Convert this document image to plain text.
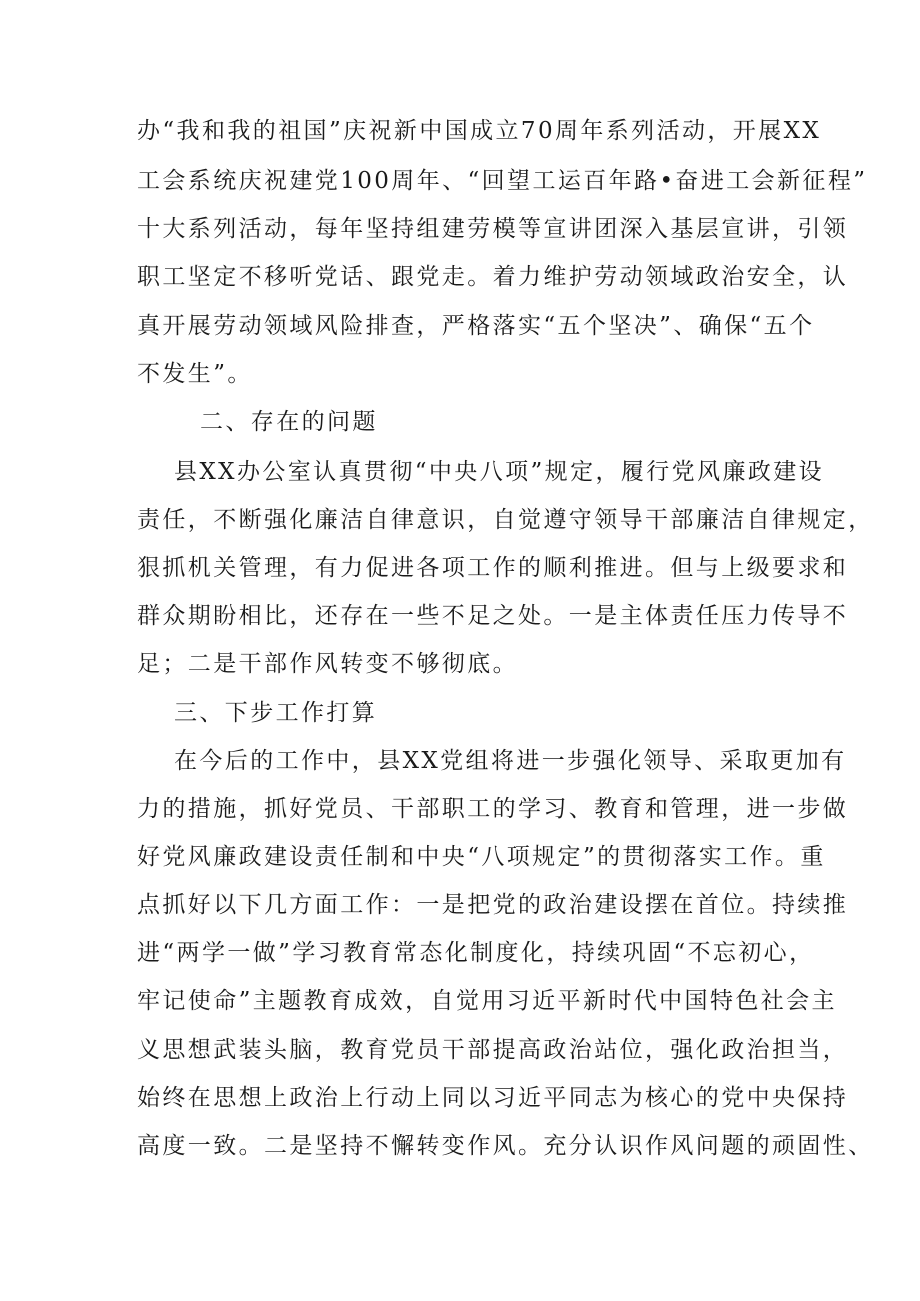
办“我和我的祖国”庆祝新中国成立70周年系列活动，开展XX
工会系统庆祝建党100周年、“回望工运百年路•奋进工会新征程”
十大系列活动，每年坚持组建劳模等宣讲团深入基层宣讲，引领
职工坚定不移听党话、跟党走。着力维护劳动领域政治安全，认
真开展劳动领域风险排查，严格落实“五个坚决”、确保“五个
不发生”。
二、存在的问题
县XX办公室认真贯彻“中央八项”规定，履行党风廉政建设
责任，不断强化廉洁自律意识，自觉遵守领导干部廉洁自律规定，
狠抓机关管理，有力促进各项工作的顺利推进。但与上级要求和
群众期盼相比，还存在一些不足之处。一是主体责任压力传导不
足；二是干部作风转变不够彻底。
三、下步工作打算
在今后的工作中，县XX党组将进一步强化领导、采取更加有
力的措施，抓好党员、干部职工的学习、教育和管理，进一步做
好党风廉政建设责任制和中央“八项规定”的贯彻落实工作。重
点抓好以下几方面工作：一是把党的政治建设摆在首位。持续推
进“两学一做”学习教育常态化制度化，持续巩固“不忘初心，
牢记使命”主题教育成效，自觉用习近平新时代中国特色社会主
义思想武装头脑，教育党员干部提高政治站位，强化政治担当，
始终在思想上政治上行动上同以习近平同志为核心的党中央保持
高度一致。二是坚持不懈转变作风。充分认识作风问题的顽固性、
